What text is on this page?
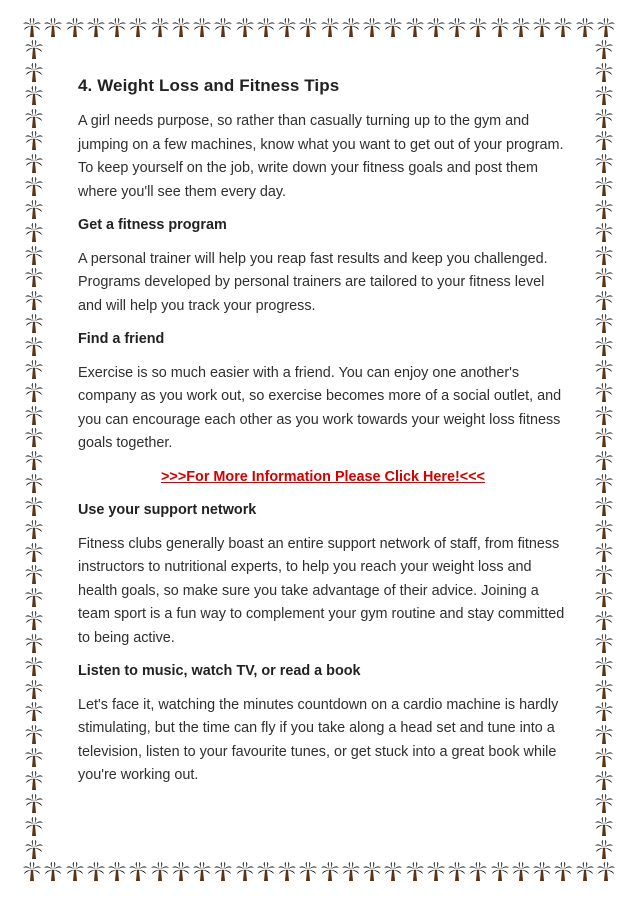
4. Weight Loss and Fitness Tips

A girl needs purpose, so rather than casually turning up to the gym and jumping on a few machines, know what you want to get out of your program. To keep yourself on the job, write down your fitness goals and post them where you'll see them every day.

Get a fitness program

A personal trainer will help you reap fast results and keep you challenged. Programs developed by personal trainers are tailored to your fitness level and will help you track your progress.

Find a friend

Exercise is so much easier with a friend. You can enjoy one another's company as you work out, so exercise becomes more of a social outlet, and you can encourage each other as you work towards your weight loss fitness goals together.

>>>For More Information Please Click Here!<<<
Use your support network

Fitness clubs generally boast an entire support network of staff, from fitness instructors to nutritional experts, to help you reach your weight loss and health goals, so make sure you take advantage of their advice. Joining a team sport is a fun way to complement your gym routine and stay committed to being active.

Listen to music, watch TV, or read a book

Let's face it, watching the minutes countdown on a cardio machine is hardly stimulating, but the time can fly if you take along a head set and tune into a television, listen to your favourite tunes, or get stuck into a great book while you're working out.
